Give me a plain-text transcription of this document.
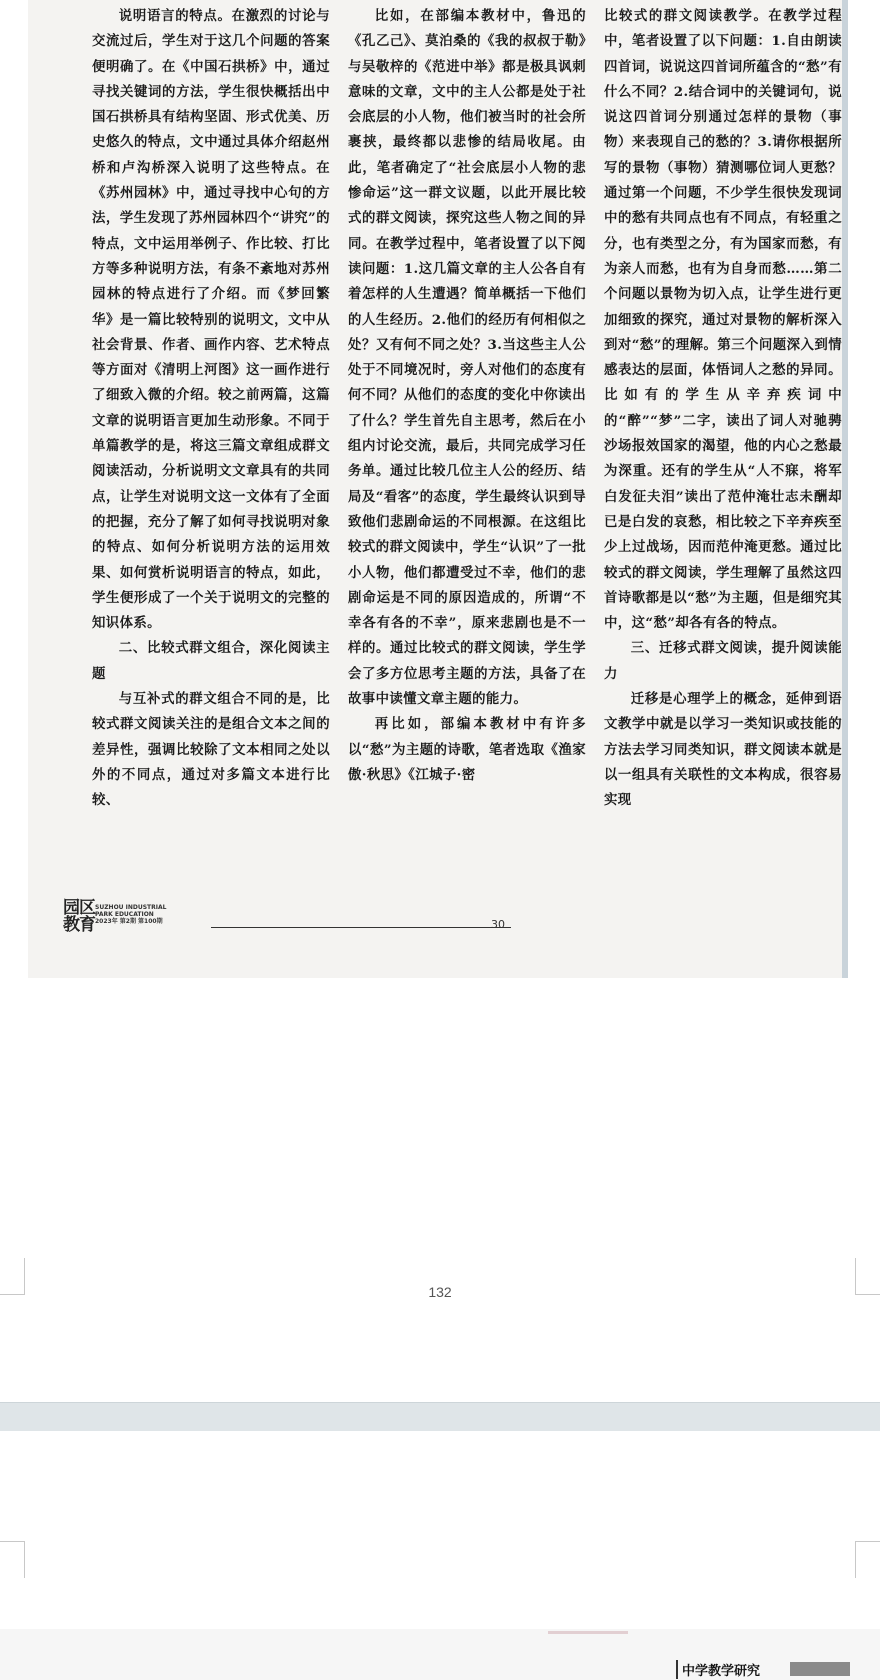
说明语言的特点。在激烈的讨论与交流过后，学生对于这几个问题的答案便明确了。在《中国石拱桥》中，通过寻找关键词的方法，学生很快概括出中国石拱桥具有结构坚固、形式优美、历史悠久的特点，文中通过具体介绍赵州桥和卢沟桥深入说明了这些特点。在《苏州园林》中，通过寻找中心句的方法，学生发现了苏州园林四个“讲究”的特点，文中运用举例子、作比较、打比方等多种说明方法，有条不紊地对苏州园林的特点进行了介绍。而《梦回繁华》是一篇比较特别的说明文，文中从社会背景、作者、画作内容、艺术特点等方面对《清明上河图》这一画作进行了细致入微的介绍。较之前两篇，这篇文章的说明语言更加生动形象。不同于单篇教学的是，将这三篇文章组成群文阅读活动，分析说明文文章具有的共同点，让学生对说明文这一文体有了全面的把握，充分了解了如何寻找说明对象的特点、如何分析说明方法的运用效果、如何赏析说明语言的特点，如此，学生便形成了一个关于说明文的完整的知识体系。

二、比较式群文组合，深化阅读主题

与互补式的群文组合不同的是，比较式群文阅读关注的是组合文本之间的差异性，强调比较除了文本相同之处以外的不同点，通过对多篇文本进行比较、

比如，在部编本教材中，鲁迅的《孔乙己》、莫泊桑的《我的叔叔于勒》与吴敬梓的《范进中举》都是极具讽刺意味的文章，文中的主人公都是处于社会底层的小人物，他们被当时的社会所裹挟，最终都以悲惨的结局收尾。由此，笔者确定了“社会底层小人物的悲惨命运”这一群文议题，以此开展比较式的群文阅读，探究这些人物之间的异同。在教学过程中，笔者设置了以下阅读问题：1.这几篇文章的主人公各自有着怎样的人生遭遇？简单概括一下他们的人生经历。2.他们的经历有何相似之处？又有何不同之处？3.当这些主人公处于不同境况时，旁人对他们的态度有何不同？从他们的态度的变化中你读出了什么？学生首先自主思考，然后在小组内讨论交流，最后，共同完成学习任务单。通过比较几位主人公的经历、结局及“看客”的态度，学生最终认识到导致他们悲剧命运的不同根源。在这组比较式的群文阅读中，学生“认识”了一批小人物，他们都遭受过不幸，他们的悲剧命运是不同的原因造成的，所谓“不幸各有各的不幸”，原来悲剧也是不一样的。通过比较式的群文阅读，学生学会了多方位思考主题的方法，具备了在故事中读懂文章主题的能力。

再比如，部编本教材中有许多以“愁”为主题的诗歌，笔者选取《渔家傲·秋思》《江城子·密

比较式的群文阅读教学。在教学过程中，笔者设置了以下问题：1.自由朗读四首词，说说这四首词所蕴含的“愁”有什么不同？2.结合词中的关键词句，说说这四首词分别通过怎样的景物（事物）来表现自己的愁的？3.请你根据所写的景物（事物）猜测哪位词人更愁？通过第一个问题，不少学生很快发现词中的愁有共同点也有不同点，有轻重之分，也有类型之分，有为国家而愁，有为亲人而愁，也有为自身而愁……第二个问题以景物为切入点，让学生进行更加细致的探究，通过对景物的解析深入到对“愁”的理解。第三个问题深入到情感表达的层面，体悟词人之愁的异同。比如有的学生从辛弃疾词中的“醉”“梦”二字，读出了词人对驰骋沙场报效国家的渴望，他的内心之愁最为深重。还有的学生从“人不寐，将军白发征夫泪”读出了范仲淹壮志未酬却已是白发的哀愁，相比较之下辛弃疾至少上过战场，因而范仲淹更愁。通过比较式的群文阅读，学生理解了虽然这四首诗歌都是以“愁”为主题，但是细究其中，这“愁”却各有各的特点。

三、迁移式群文阅读，提升阅读能力

迁移是心理学上的概念，延伸到语文教学中就是以学习一类知识或技能的方法去学习同类知识，群文阅读本就是以一组具有关联性的文本构成，很容易实现

园区
教育
SUZHOU INDUSTRIAL
PARK EDUCATION
2023年 第2期 第100期	30
132
中学教学研究
